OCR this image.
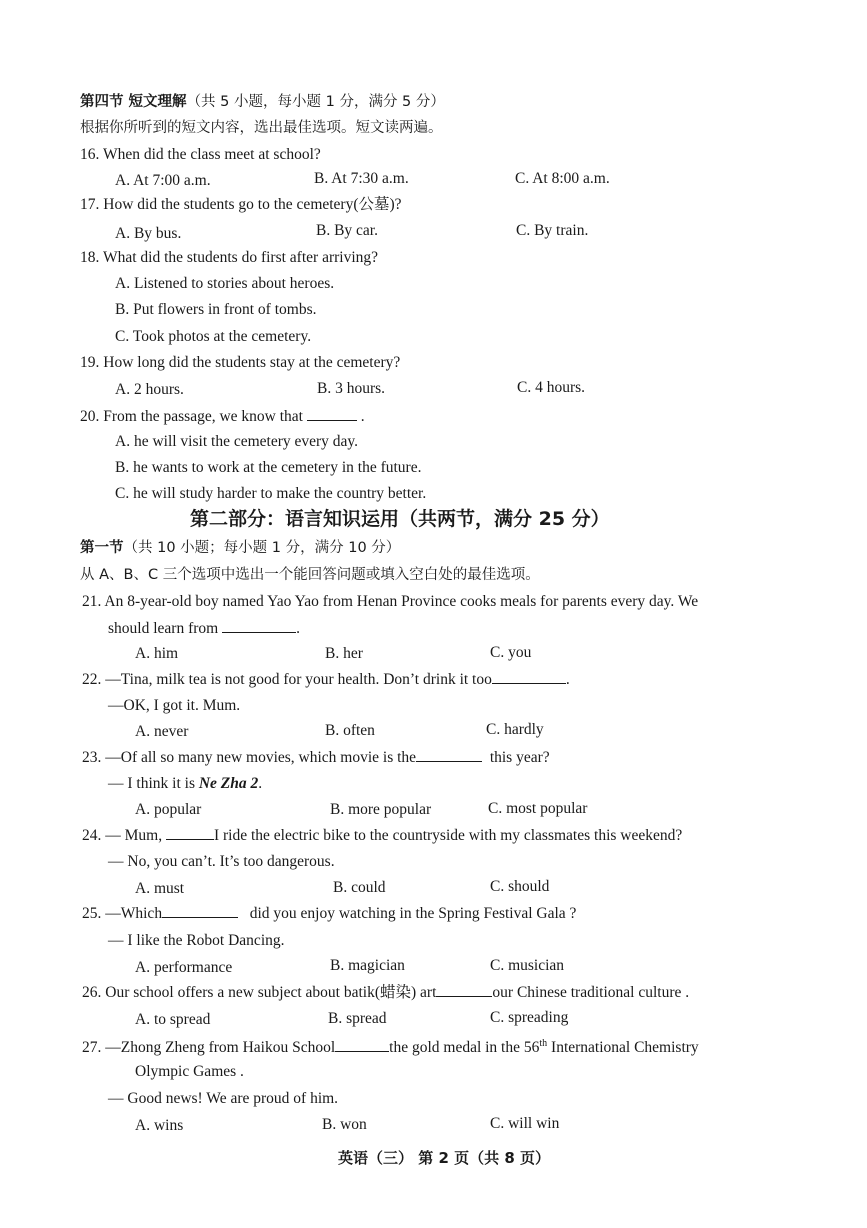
第四节 短文理解（共 5 小题，每小题 1 分，满分 5 分）
根据你所听到的短文内容，选出最佳选项。短文读两遍。
16. When did the class meet at school?
A. At 7:00 a.m.	B. At 7:30 a.m.	C. At 8:00 a.m.
17. How did the students go to the cemetery(公墓)?
A. By bus.	B. By car.	C. By train.
18. What did the students do first after arriving?
A. Listened to stories about heroes.
B. Put flowers in front of tombs.
C. Took photos at the cemetery.
19. How long did the students stay at the cemetery?
A. 2 hours.	B. 3 hours.	C. 4 hours.
20. From the passage, we know that	.
A. he will visit the cemetery every day.
B. he wants to work at the cemetery in the future.
C. he will study harder to make the country better.
第二部分：语言知识运用（共两节，满分 25 分）
第一节（共 10 小题；每小题 1 分，满分 10 分）
从 A、B、C 三个选项中选出一个能回答问题或填入空白处的最佳选项。
21. An 8-year-old boy named Yao Yao from Henan Province cooks meals for parents every day. We
should learn from	.
A. him	B. her	C. you
22. —Tina, milk tea is not good for your health. Don’t drink it too	.
—OK, I got it. Mum.
A. never	B. often	C. hardly
23. —Of all so many new movies, which movie is the	this year?
— I think it is Ne Zha 2.
A. popular	B. more popular	C. most popular
24. — Mum,	I ride the electric bike to the countryside with my classmates this weekend?
— No, you can’t. It’s too dangerous.
A. must	B. could	C. should
25. —Which	did you enjoy watching in the Spring Festival Gala ?
— I like the Robot Dancing.
A. performance	B. magician	C. musician
26. Our school offers a new subject about batik(蜡染) art	our Chinese traditional culture .
A. to spread	B. spread	C. spreading
27. —Zhong Zheng from Haikou School	the gold medal in the 56th International Chemistry
Olympic Games .
— Good news! We are proud of him.
A. wins	B. won	C. will win
英语（三） 第 2 页（共 8 页）
